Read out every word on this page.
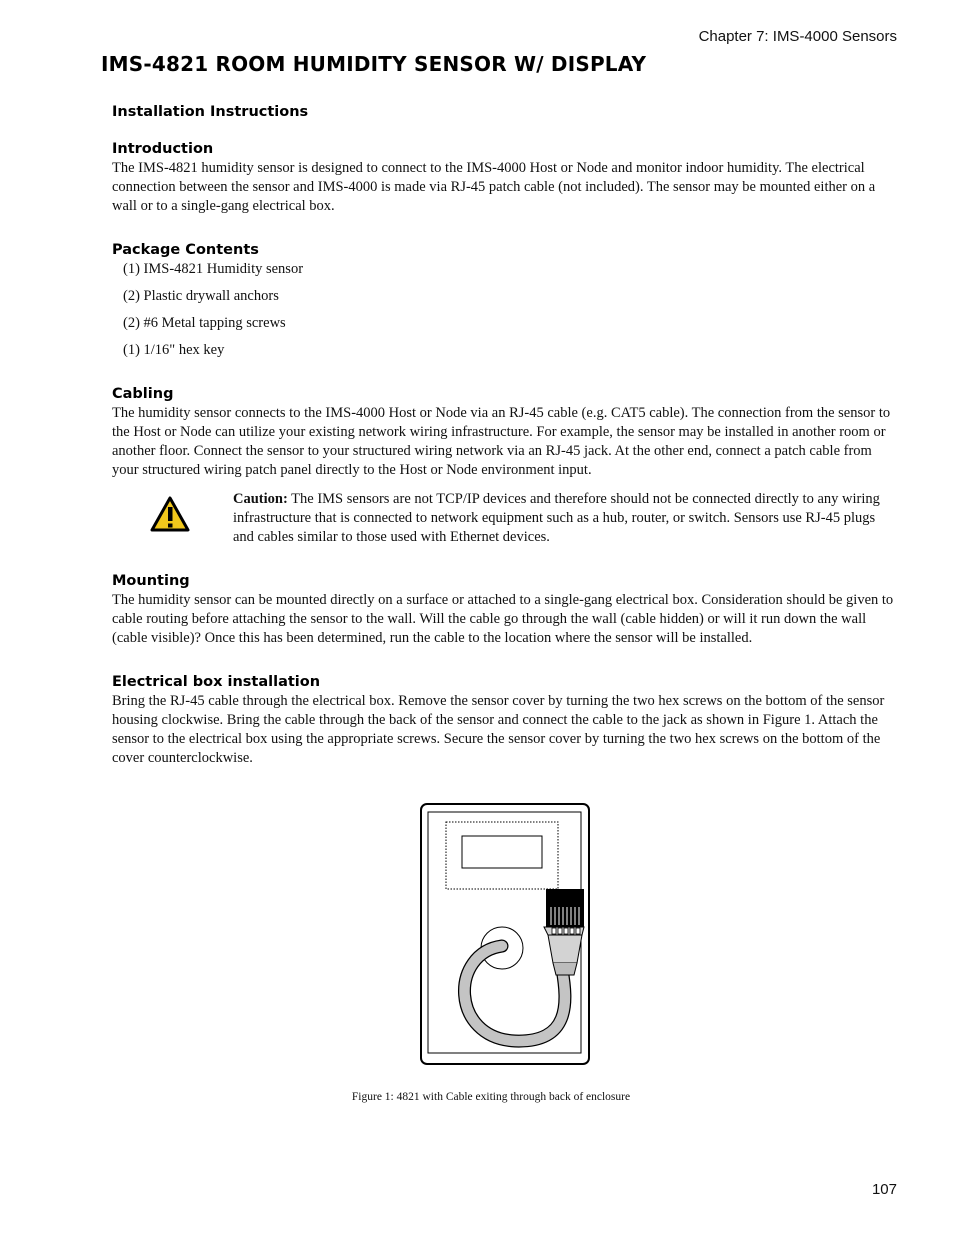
Chapter 7: IMS-4000 Sensors
IMS-4821 ROOM HUMIDITY SENSOR W/ DISPLAY
Installation Instructions
Introduction

The IMS-4821 humidity sensor is designed to connect to the IMS-4000 Host or Node and monitor indoor humidity. The electrical connection between the sensor and IMS-4000 is made via RJ-45 patch cable (not included). The sensor may be mounted either on a wall or to a single-gang electrical box.

Package Contents
(1) IMS-4821 Humidity sensor
(2) Plastic drywall anchors
(2) #6 Metal tapping screws
(1) 1/16" hex key
Cabling

The humidity sensor connects to the IMS-4000 Host or Node via an RJ-45 cable (e.g. CAT5 cable). The connection from the sensor to the Host or Node can utilize your existing network wiring infrastructure. For example, the sensor may be installed in another room or another floor. Connect the sensor to your structured wiring network via an RJ-45 jack. At the other end, connect a patch cable from your structured wiring patch panel directly to the Host or Node environment input.

Caution: The IMS sensors are not TCP/IP devices and therefore should not be connected directly to any wiring infrastructure that is connected to network equipment such as a hub, router, or switch. Sensors use RJ-45 plugs and cables similar to those used with Ethernet devices.

Mounting

The humidity sensor can be mounted directly on a surface or attached to a single-gang electrical box. Consideration should be given to cable routing before attaching the sensor to the wall. Will the cable go through the wall (cable hidden) or will it run down the wall (cable visible)? Once this has been determined, run the cable to the location where the sensor will be installed.

Electrical box installation

Bring the RJ-45 cable through the electrical box. Remove the sensor cover by turning the two hex screws on the bottom of the sensor housing clockwise. Bring the cable through the back of the sensor and connect the cable to the jack as shown in Figure 1. Attach the sensor to the electrical box using the appropriate screws. Secure the sensor cover by turning the two hex screws on the bottom of the cover counterclockwise.

Figure 1: 4821 with Cable exiting through back of enclosure
107
